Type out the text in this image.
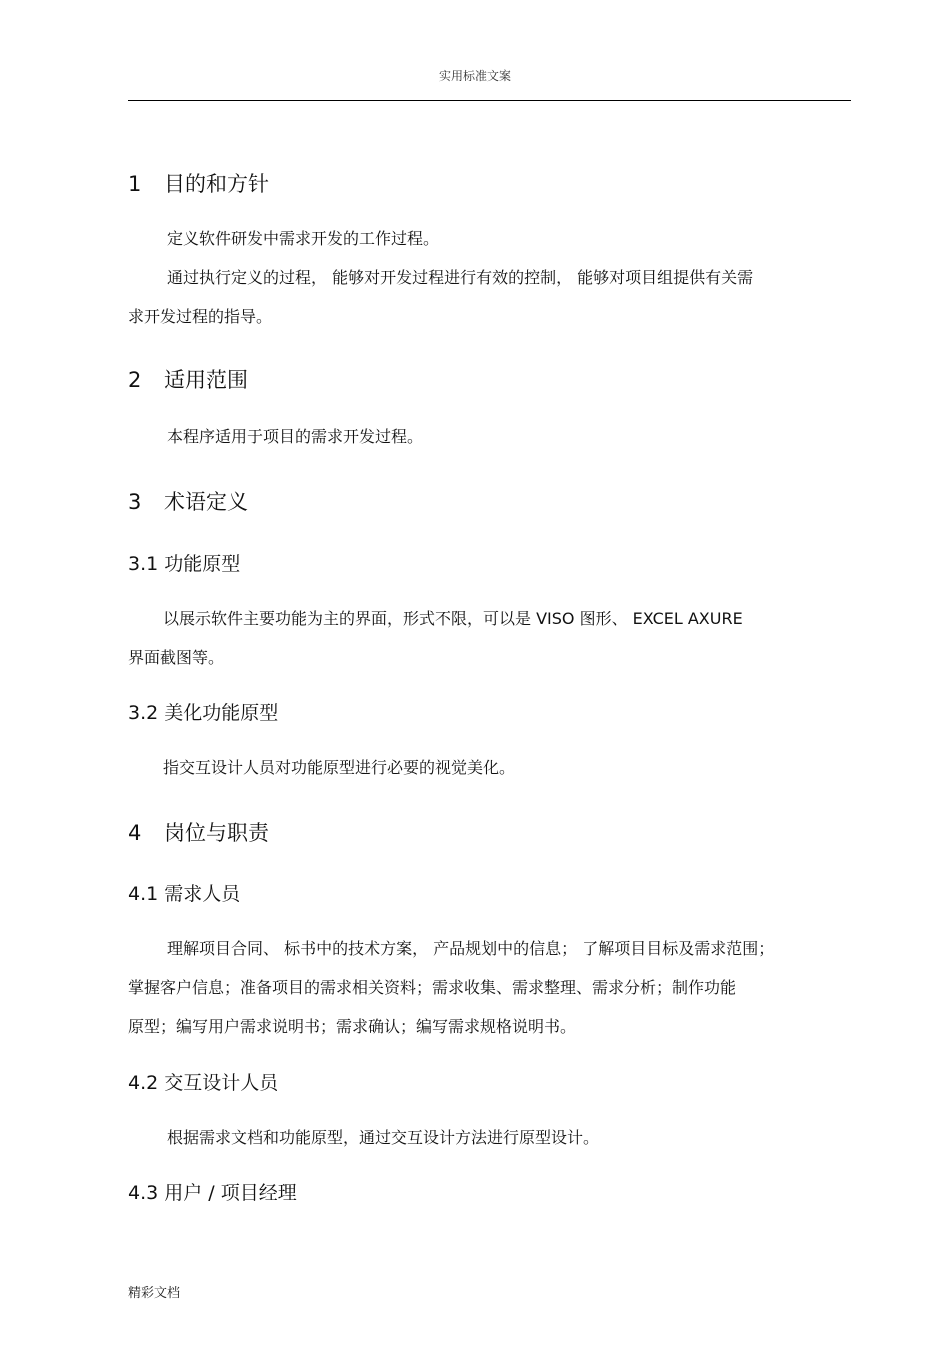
实用标准文案
1 目的和方针
定义软件研发中需求开发的工作过程。
通过执行定义的过程， 能够对开发过程进行有效的控制， 能够对项目组提供有关需
求开发过程的指导。
2 适用范围
本程序适用于项目的需求开发过程。
3 术语定义
3.1 功能原型
以展示软件主要功能为主的界面，形式不限，可以是 VISO 图形、 EXCEL AXURE
界面截图等。
3.2 美化功能原型
指交互设计人员对功能原型进行必要的视觉美化。
4 岗位与职责
4.1 需求人员
理解项目合同、 标书中的技术方案， 产品规划中的信息； 了解项目目标及需求范围；
掌握客户信息；准备项目的需求相关资料；需求收集、需求整理、需求分析；制作功能
原型；编写用户需求说明书；需求确认；编写需求规格说明书。
4.2 交互设计人员
根据需求文档和功能原型，通过交互设计方法进行原型设计。
4.3 用户 / 项目经理
精彩文档
